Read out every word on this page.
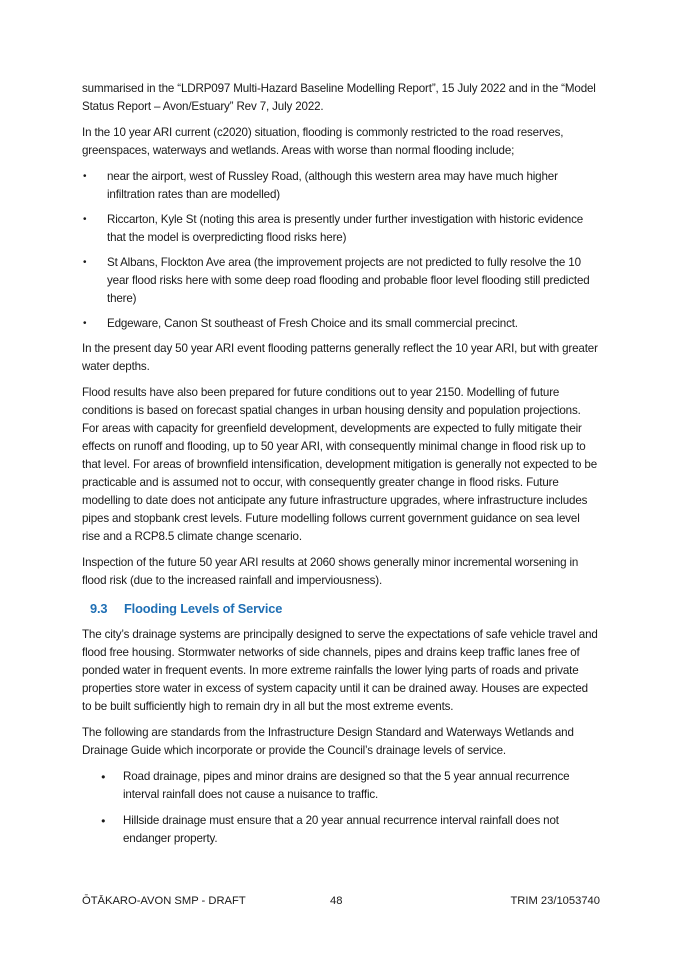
summarised in the “LDRP097 Multi-Hazard Baseline Modelling Report”, 15 July 2022 and in the “Model Status Report – Avon/Estuary” Rev 7, July 2022.

In the 10 year ARI current (c2020) situation, flooding is commonly restricted to the road reserves, greenspaces, waterways and wetlands. Areas with worse than normal flooding include;

• near the airport, west of Russley Road, (although this western area may have much higher infiltration rates than are modelled)
• Riccarton, Kyle St (noting this area is presently under further investigation with historic evidence that the model is overpredicting flood risks here)
• St Albans, Flockton Ave area (the improvement projects are not predicted to fully resolve the 10 year flood risks here with some deep road flooding and probable floor level flooding still predicted there)
• Edgeware, Canon St southeast of Fresh Choice and its small commercial precinct.

In the present day 50 year ARI event flooding patterns generally reflect the 10 year ARI, but with greater water depths.

Flood results have also been prepared for future conditions out to year 2150. Modelling of future conditions is based on forecast spatial changes in urban housing density and population projections. For areas with capacity for greenfield development, developments are expected to fully mitigate their effects on runoff and flooding, up to 50 year ARI, with consequently minimal change in flood risk up to that level. For areas of brownfield intensification, development mitigation is generally not expected to be practicable and is assumed not to occur, with consequently greater change in flood risks. Future modelling to date does not anticipate any future infrastructure upgrades, where infrastructure includes pipes and stopbank crest levels. Future modelling follows current government guidance on sea level rise and a RCP8.5 climate change scenario.

Inspection of the future 50 year ARI results at 2060 shows generally minor incremental worsening in flood risk (due to the increased rainfall and imperviousness).

9.3 Flooding Levels of Service

The city’s drainage systems are principally designed to serve the expectations of safe vehicle travel and flood free housing. Stormwater networks of side channels, pipes and drains keep traffic lanes free of ponded water in frequent events. In more extreme rainfalls the lower lying parts of roads and private properties store water in excess of system capacity until it can be drained away. Houses are expected to be built sufficiently high to remain dry in all but the most extreme events.

The following are standards from the Infrastructure Design Standard and Waterways Wetlands and Drainage Guide which incorporate or provide the Council’s drainage levels of service.

● Road drainage, pipes and minor drains are designed so that the 5 year annual recurrence interval rainfall does not cause a nuisance to traffic.
● Hillside drainage must ensure that a 20 year annual recurrence interval rainfall does not endanger property.
ŌTĀKARO-AVON SMP - DRAFT	48	TRIM 23/1053740
